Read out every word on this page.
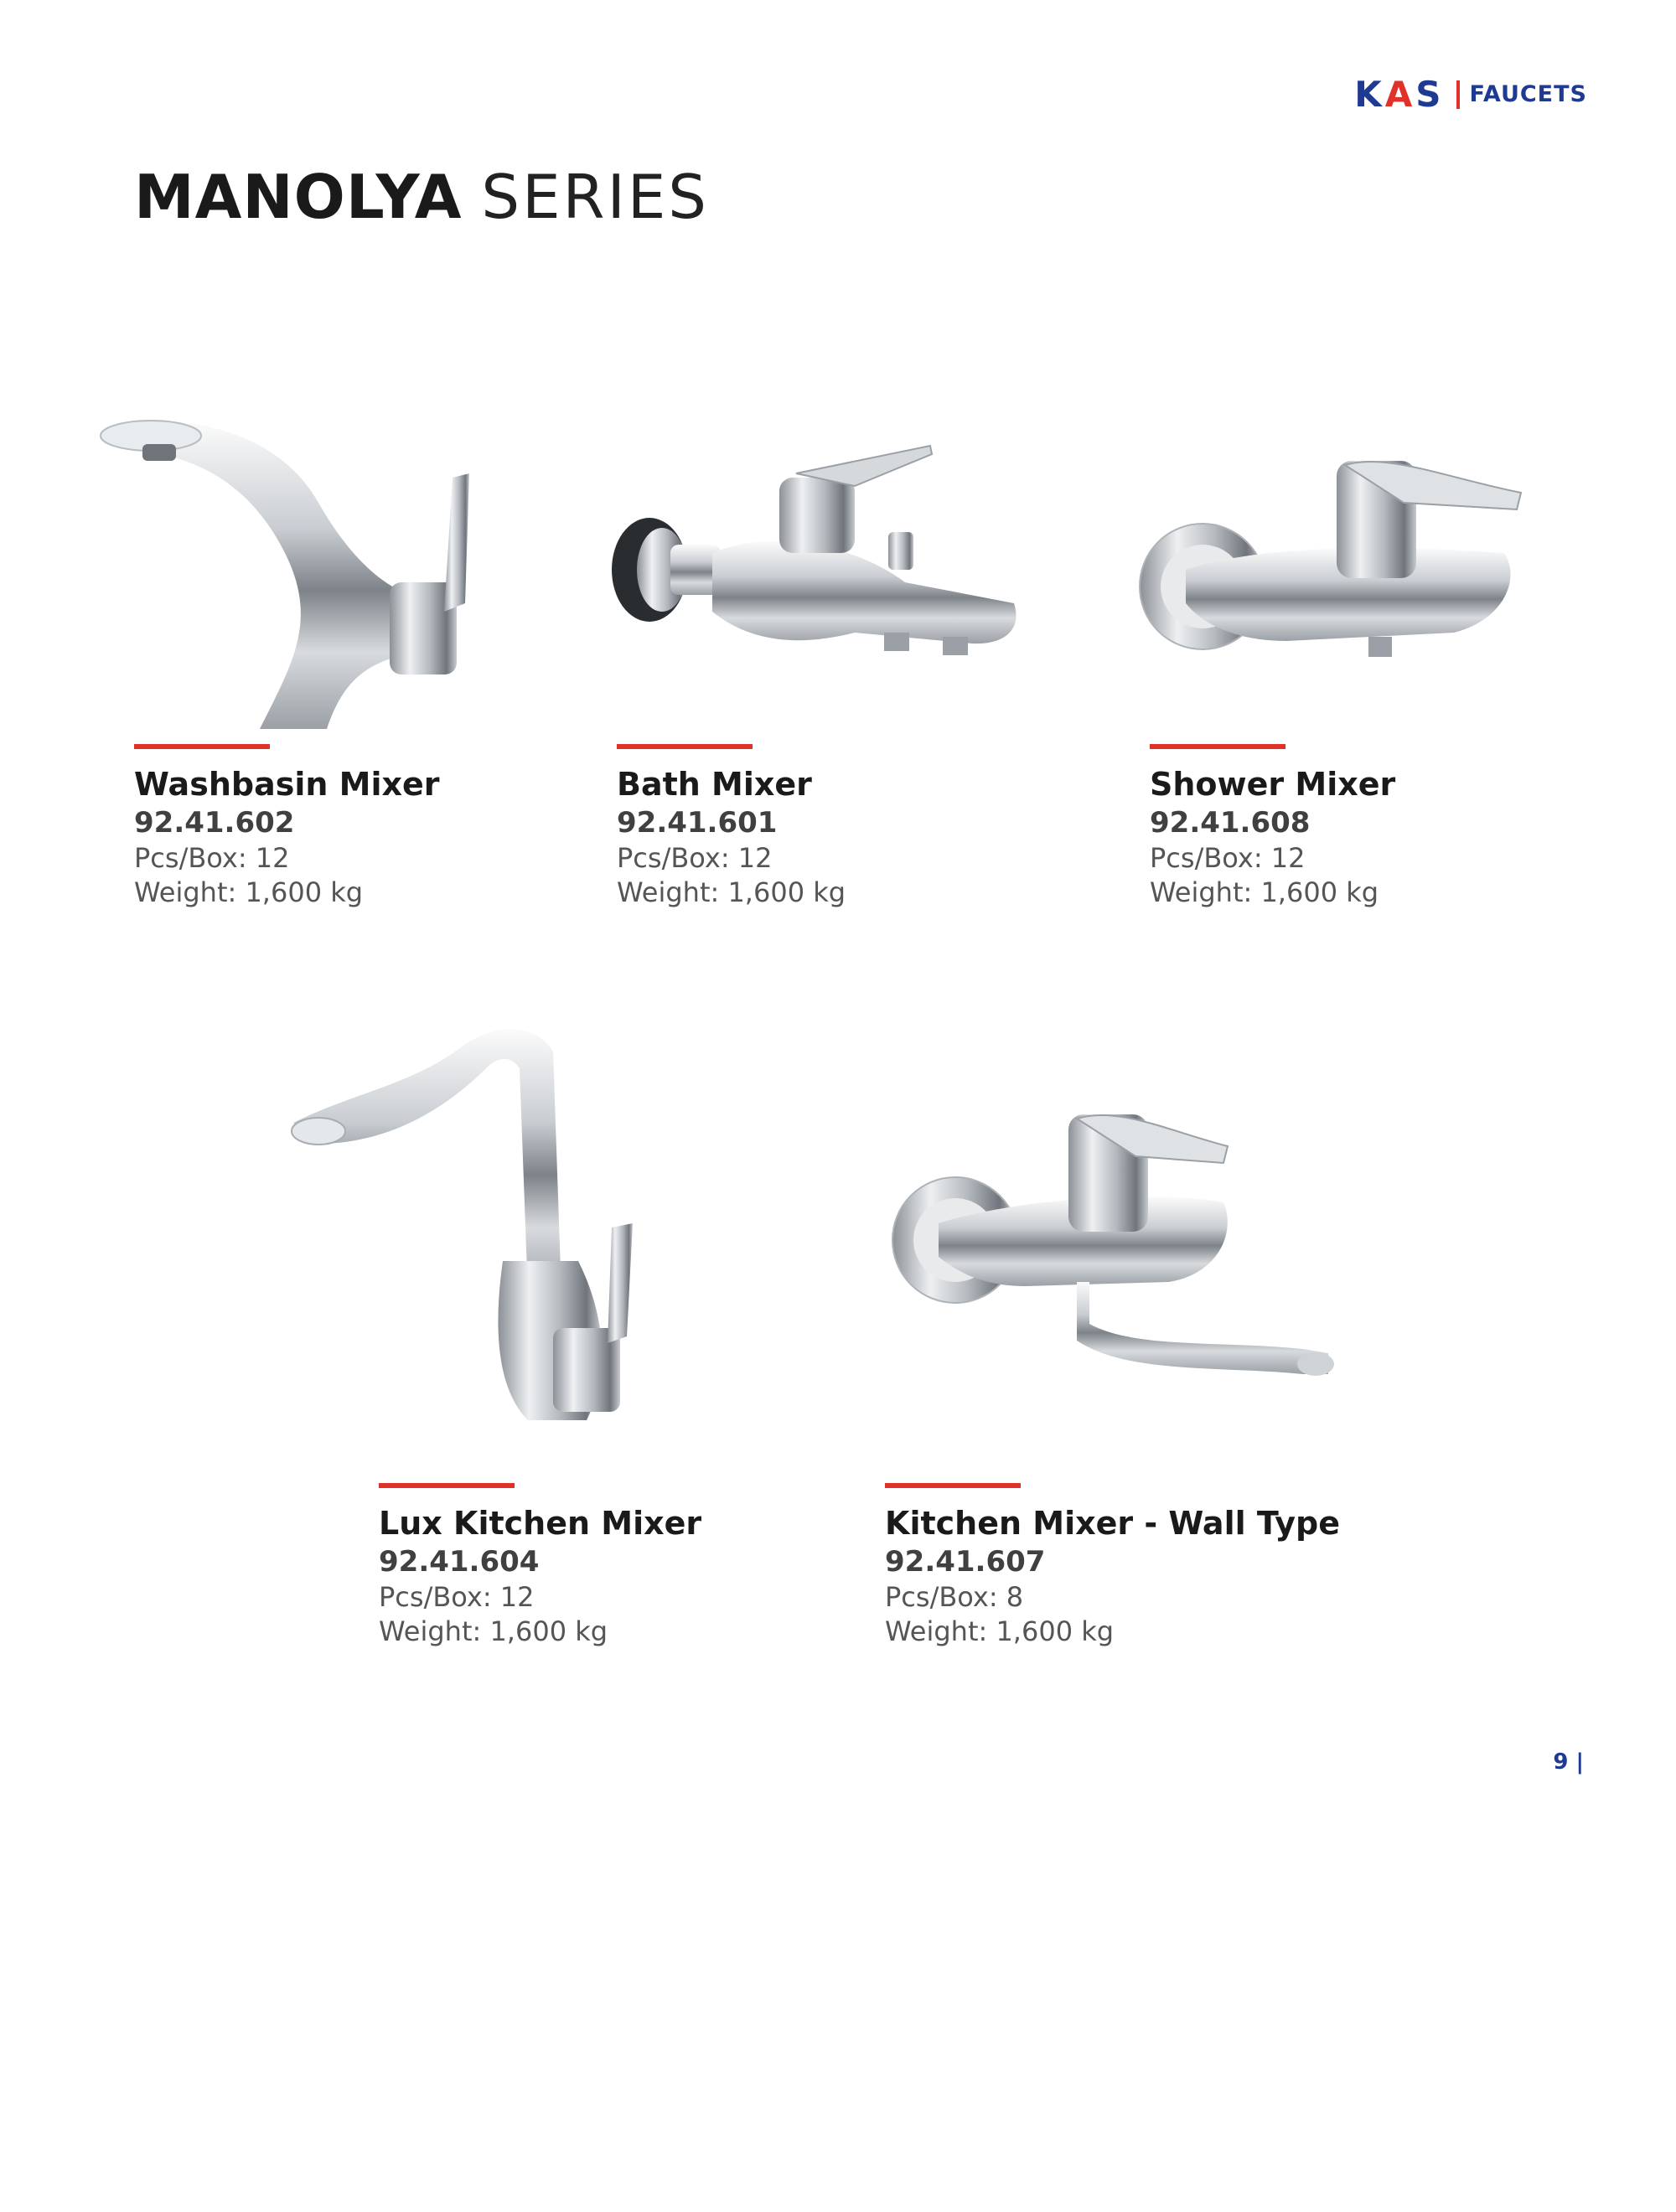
KAS FAUCETS
MANOLYA SERIES
Washbasin Mixer
92.41.602
Pcs/Box: 12
Weight: 1,600 kg
Bath Mixer
92.41.601
Pcs/Box: 12
Weight: 1,600 kg
Shower Mixer
92.41.608
Pcs/Box: 12
Weight: 1,600 kg
Lux Kitchen Mixer
92.41.604
Pcs/Box: 12
Weight: 1,600 kg
Kitchen Mixer - Wall Type
92.41.607
Pcs/Box: 8
Weight: 1,600 kg
9 |
